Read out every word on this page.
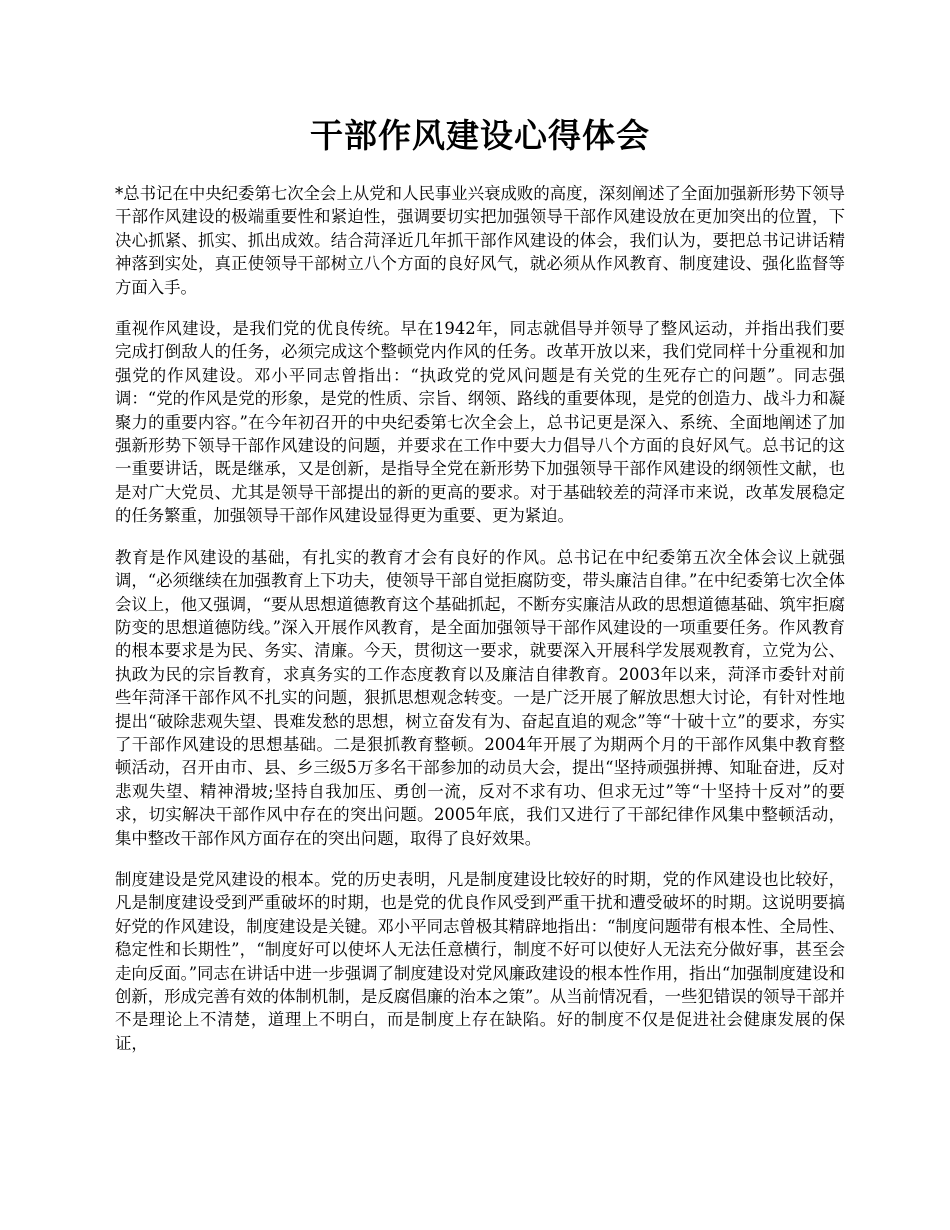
干部作风建设心得体会

*总书记在中央纪委第七次全会上从党和人民事业兴衰成败的高度，深刻阐述了全面加强新形势下领导干部作风建设的极端重要性和紧迫性，强调要切实把加强领导干部作风建设放在更加突出的位置，下决心抓紧、抓实、抓出成效。结合菏泽近几年抓干部作风建设的体会，我们认为，要把总书记讲话精神落到实处，真正使领导干部树立八个方面的良好风气，就必须从作风教育、制度建设、强化监督等方面入手。

重视作风建设，是我们党的优良传统。早在1942年，同志就倡导并领导了整风运动，并指出我们要完成打倒敌人的任务，必须完成这个整顿党内作风的任务。改革开放以来，我们党同样十分重视和加强党的作风建设。邓小平同志曾指出：“执政党的党风问题是有关党的生死存亡的问题”。同志强调：“党的作风是党的形象，是党的性质、宗旨、纲领、路线的重要体现，是党的创造力、战斗力和凝聚力的重要内容。”在今年初召开的中央纪委第七次全会上，总书记更是深入、系统、全面地阐述了加强新形势下领导干部作风建设的问题，并要求在工作中要大力倡导八个方面的良好风气。总书记的这一重要讲话，既是继承，又是创新，是指导全党在新形势下加强领导干部作风建设的纲领性文献，也是对广大党员、尤其是领导干部提出的新的更高的要求。对于基础较差的菏泽市来说，改革发展稳定的任务繁重，加强领导干部作风建设显得更为重要、更为紧迫。

教育是作风建设的基础，有扎实的教育才会有良好的作风。总书记在中纪委第五次全体会议上就强调，“必须继续在加强教育上下功夫，使领导干部自觉拒腐防变，带头廉洁自律。”在中纪委第七次全体会议上，他又强调，“要从思想道德教育这个基础抓起，不断夯实廉洁从政的思想道德基础、筑牢拒腐防变的思想道德防线。”深入开展作风教育，是全面加强领导干部作风建设的一项重要任务。作风教育的根本要求是为民、务实、清廉。今天，贯彻这一要求，就要深入开展科学发展观教育，立党为公、执政为民的宗旨教育，求真务实的工作态度教育以及廉洁自律教育。2003年以来，菏泽市委针对前些年菏泽干部作风不扎实的问题，狠抓思想观念转变。一是广泛开展了解放思想大讨论，有针对性地提出“破除悲观失望、畏难发愁的思想，树立奋发有为、奋起直追的观念”等“十破十立”的要求，夯实了干部作风建设的思想基础。二是狠抓教育整顿。2004年开展了为期两个月的干部作风集中教育整顿活动，召开由市、县、乡三级5万多名干部参加的动员大会，提出“坚持顽强拼搏、知耻奋进，反对悲观失望、精神滑坡;坚持自我加压、勇创一流，反对不求有功、但求无过”等“十坚持十反对”的要求，切实解决干部作风中存在的突出问题。2005年底，我们又进行了干部纪律作风集中整顿活动，集中整改干部作风方面存在的突出问题，取得了良好效果。

制度建设是党风建设的根本。党的历史表明，凡是制度建设比较好的时期，党的作风建设也比较好，凡是制度建设受到严重破坏的时期，也是党的优良作风受到严重干扰和遭受破坏的时期。这说明要搞好党的作风建设，制度建设是关键。邓小平同志曾极其精辟地指出：“制度问题带有根本性、全局性、稳定性和长期性”，“制度好可以使坏人无法任意横行，制度不好可以使好人无法充分做好事，甚至会走向反面。”同志在讲话中进一步强调了制度建设对党风廉政建设的根本性作用，指出“加强制度建设和创新，形成完善有效的体制机制，是反腐倡廉的治本之策”。从当前情况看，一些犯错误的领导干部并不是理论上不清楚，道理上不明白，而是制度上存在缺陷。好的制度不仅是促进社会健康发展的保证，
